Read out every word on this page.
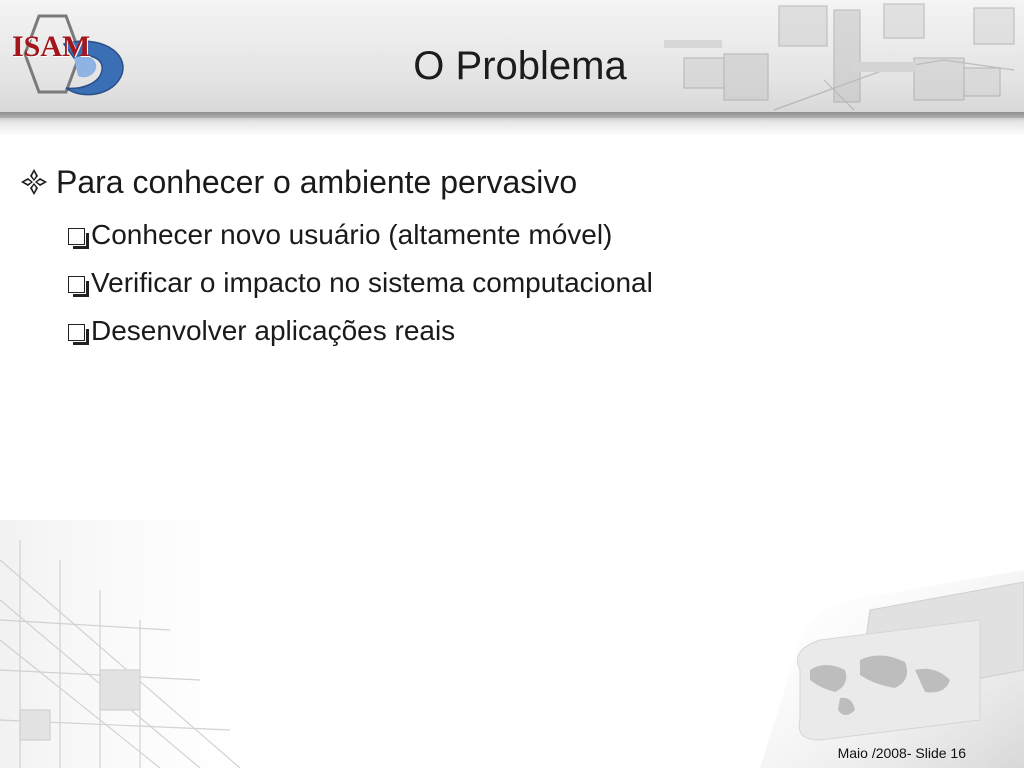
ISAM	O Problema
Para conhecer o ambiente pervasivo
Conhecer novo usuário (altamente móvel)
Verificar o impacto no sistema computacional
Desenvolver aplicações reais
Maio /2008- Slide 16
